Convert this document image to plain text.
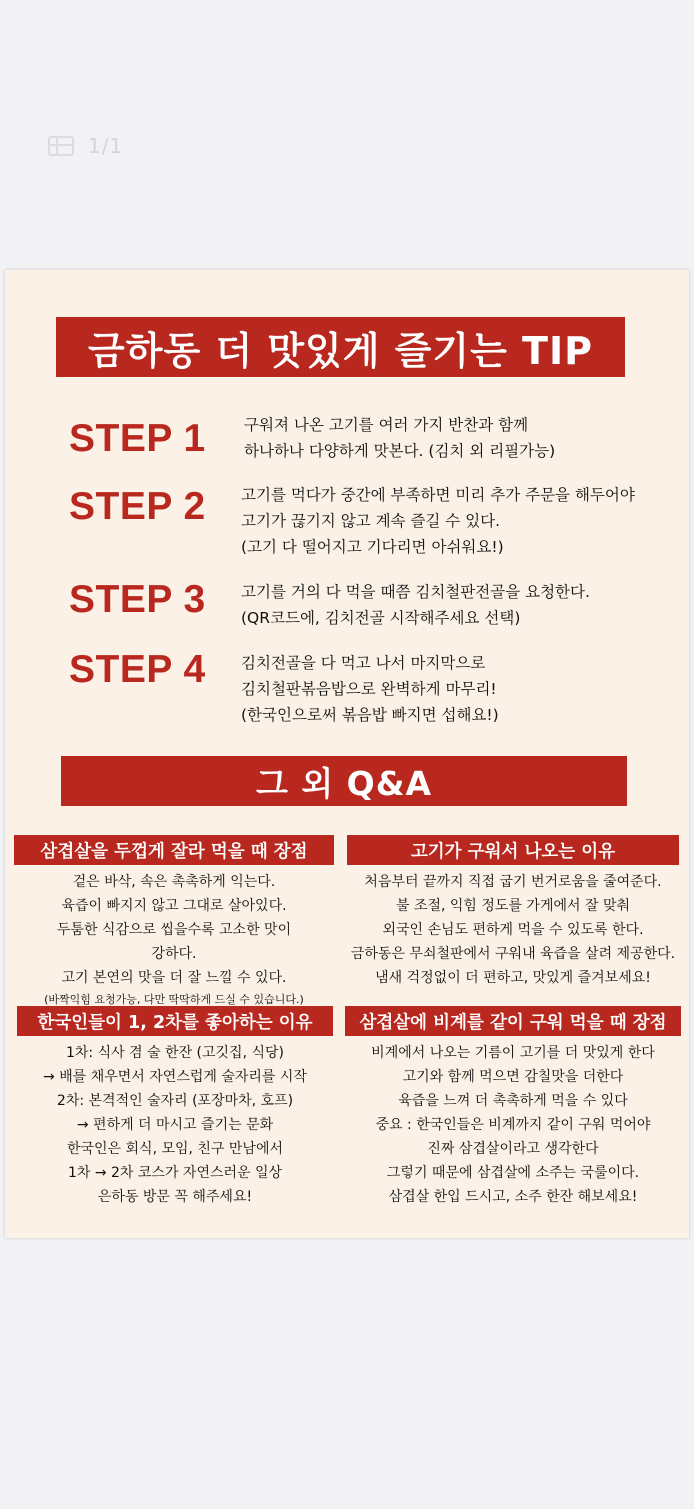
1/1
금하동 더 맛있게 즐기는 TIP
STEP 1 구워져 나온 고기를 여러 가지 반찬과 함께
하나하나 다양하게 맛본다. (김치 외 리필가능)
STEP 2 고기를 먹다가 중간에 부족하면 미리 추가 주문을 해두어야
고기가 끊기지 않고 계속 즐길 수 있다.
(고기 다 떨어지고 기다리면 아쉬워요!)
STEP 3 고기를 거의 다 먹을 때쯤 김치철판전골을 요청한다.
(QR코드에, 김치전골 시작해주세요 선택)
STEP 4 김치전골을 다 먹고 나서 마지막으로
김치철판볶음밥으로 완벽하게 마무리!
(한국인으로써 볶음밥 빠지면 섭해요!)
그 외 Q&A
삼겹살을 두껍게 잘라 먹을 때 장점
겉은 바삭, 속은 촉촉하게 익는다.
육즙이 빠지지 않고 그대로 살아있다.
두툼한 식감으로 씹을수록 고소한 맛이
강하다.
고기 본연의 맛을 더 잘 느낄 수 있다.
(바짝익힘 요청가능, 다만 딱딱하게 드실 수 있습니다.)
고기가 구워서 나오는 이유
처음부터 끝까지 직접 굽기 번거로움을 줄여준다.
불 조절, 익힘 정도를 가게에서 잘 맞춰
외국인 손님도 편하게 먹을 수 있도록 한다.
금하동은 무쇠철판에서 구워내 육즙을 살려 제공한다.
냄새 걱정없이 더 편하고, 맛있게 즐겨보세요!
한국인들이 1, 2차를 좋아하는 이유
1차: 식사 겸 술 한잔 (고깃집, 식당)
→ 배를 채우면서 자연스럽게 술자리를 시작
2차: 본격적인 술자리 (포장마차, 호프)
→ 편하게 더 마시고 즐기는 문화
한국인은 회식, 모임, 친구 만남에서
1차 → 2차 코스가 자연스러운 일상
은하동 방문 꼭 해주세요!
삼겹살에 비계를 같이 구워 먹을 때 장점
비계에서 나오는 기름이 고기를 더 맛있게 한다
고기와 함께 먹으면 감칠맛을 더한다
육즙을 느껴 더 촉촉하게 먹을 수 있다
중요 : 한국인들은 비계까지 같이 구워 먹어야
진짜 삼겹살이라고 생각한다
그렇기 때문에 삼겹살에 소주는 국룰이다.
삼겹살 한입 드시고, 소주 한잔 해보세요!
